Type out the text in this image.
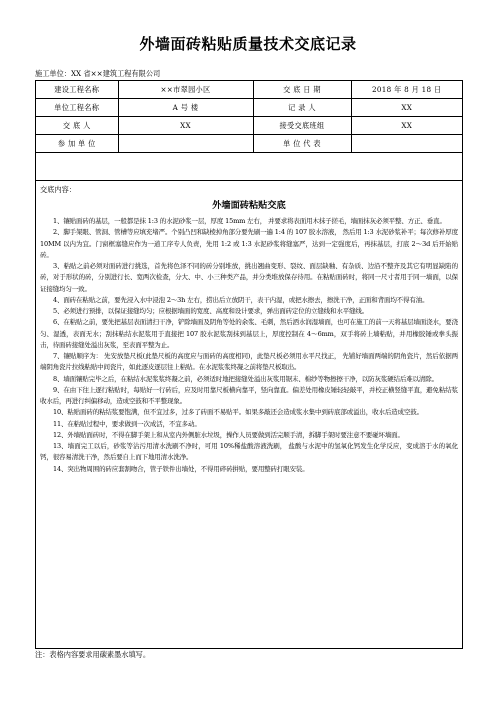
外墙面砖粘贴质量技术交底记录
施工单位：XX 省××建筑工程有限公司
建设工程名称	××市翠园小区	交 底 日 期	2018 年 8 月 18 日
单位工程名称	A 号 楼	记 录 人	XX
交 底 人	XX	接受交底班组	XX
参 加 单 位		单 位 代 表	

交底内容：
外墙面砖粘贴交底

1、镶贴面砖的基层，一般都是抹 1:3 的水泥砂浆一层，厚度 15mm 左右， 并要求将表面用木抹子搓毛，墙面抹灰必须平整、方正、垂直。

2、脚手架眼、管洞、管槽等应填充堵严。个别凸凹和缺棱掉角部分要先刷一遍 1:4 的 107 胶水溶液， 然后用 1:3 水泥砂浆补平；每次修补厚度 10MM 以内为宜。门窗框塞缝应作为一道工序专人负责，先用 1:2 或 1:3 水泥砂浆将缝塞严，达到一定强度后，再抹基层，打底 2～3d 后开始贴砖。

3、粘贴之前必须对面砖进行挑选，首先将色泽不同的砖分别堆放，挑出翘曲变形、裂纹、面层缺釉、有杂质、边沿不整齐及其它有明显缺陷的砖，对于形状的砖，分别进行长、宽两次检查，分大、中、小三种类产品，并分类堆放保存待用。在粘贴面砖时，将同一尺寸者用于同一墙面，以保证接缝均匀一致。

4、面砖在粘贴之前，要先浸入水中浸泡 2～3h 左右，捞出后立放阴干，表干内湿，或把水擦去，擦洗干净，正面和背面均不得有油。

5、必须进行预排，以保证接缝均匀；应根据墙面的宽度、高度和设计要求，弹出面砖定位的立缝线和水平缝线。

6、在粘贴之前，要先把基层表面清扫干净，铲除墙面及阴角等处的余浆、毛刺，然后洒水润湿墙面，也可在施工的前一天将基层墙面浇水，要浇匀、湿透，表面无水；刮抹粘结水泥浆用于直接把 107 胶水泥浆刮抹到基层上，厚度控制在 4～6mm，双手将砖上墙粘贴，并用橡胶锤或拳头振击，待面砖接缝处溢出灰浆，至表面平整为止。

7、镶贴顺序为： 先安放垫尺板(此垫尺板的高度应与面砖的高度相同)，此垫尺板必须用水平尺找正， 先铺好墙面两端的阴角瓷片，然后依据两端阴角瓷片拉线粘贴中间瓷片，如此逐皮逐层往上粘贴。在水泥浆浆终凝之前将垫尺板取出。

8、墙面镶贴完毕之后，在粘结水泥浆浆终凝之前，必须适时地把接缝处溢出灰浆用锯末、棉纱等物擦擦干净，以防灰浆硬结后难以清除。

9、在由下往上逐行粘贴时，每贴好一行砖后，应及时用靠尺板横向靠平，竖向靠直。偏差处用橡皮锤轻轻敲平，并校正横竖缝平直，避免粘结浆收水后，再进行纠偏移动，造成空鼓和不平整现象。

10、粘贴面砖的粘结浆要饱满，但不宜过多，过多了砖面不易贴平。如果多敲还会造成浆水集中到砖底部或溢出，收水后造成空鼓。

11、在粘贴过程中，要求做到一次成活，不宜多动。

12、外墙贴面砖时，不得在脚手架上和从室内外侧脏水垃圾，操作人员要做到活完顺手清，拆脚手架时要注意不要碰坏墙面。

13、墙面完工以后，砂浆等沾污用清水洗刷不净时，可用 10%稀盐酸溶液洗刷， 盐酸与水泥中的氢氧化钙发生化学反应，变成溶于水的氧化钙，很容易清洗干净，然后要自上而下地用清水洗净。

14、突出物周围的砖应套割吻合，管子铁件出墙处，不得用碎砖拼贴，要用整砖打眼安装。

注：表格内容要求用碳素墨水填写。
